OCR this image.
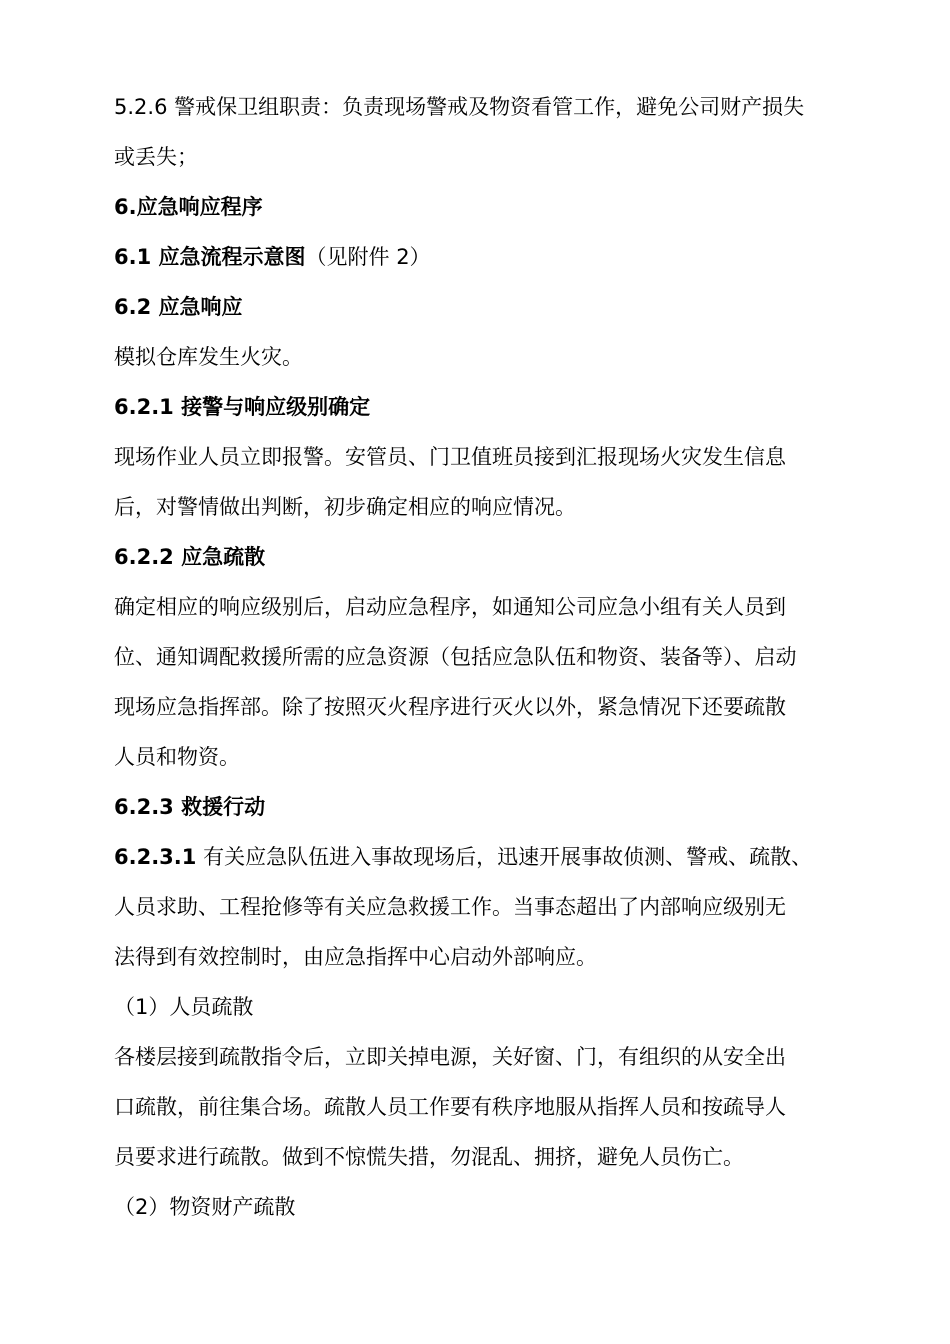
5.2.6 警戒保卫组职责：负责现场警戒及物资看管工作，避免公司财产损失
或丢失；
6.应急响应程序
6.1 应急流程示意图（见附件 2）
6.2 应急响应
模拟仓库发生火灾。
6.2.1 接警与响应级别确定
现场作业人员立即报警。安管员、门卫值班员接到汇报现场火灾发生信息
后，对警情做出判断，初步确定相应的响应情况。
6.2.2 应急疏散
确定相应的响应级别后，启动应急程序，如通知公司应急小组有关人员到
位、通知调配救援所需的应急资源（包括应急队伍和物资、装备等）、启动
现场应急指挥部。除了按照灭火程序进行灭火以外，紧急情况下还要疏散
人员和物资。
6.2.3 救援行动
6.2.3.1 有关应急队伍进入事故现场后，迅速开展事故侦测、警戒、疏散、
人员求助、工程抢修等有关应急救援工作。当事态超出了内部响应级别无
法得到有效控制时，由应急指挥中心启动外部响应。
（1）人员疏散
各楼层接到疏散指令后，立即关掉电源，关好窗、门，有组织的从安全出
口疏散，前往集合场。疏散人员工作要有秩序地服从指挥人员和按疏导人
员要求进行疏散。做到不惊慌失措，勿混乱、拥挤，避免人员伤亡。
（2）物资财产疏散
